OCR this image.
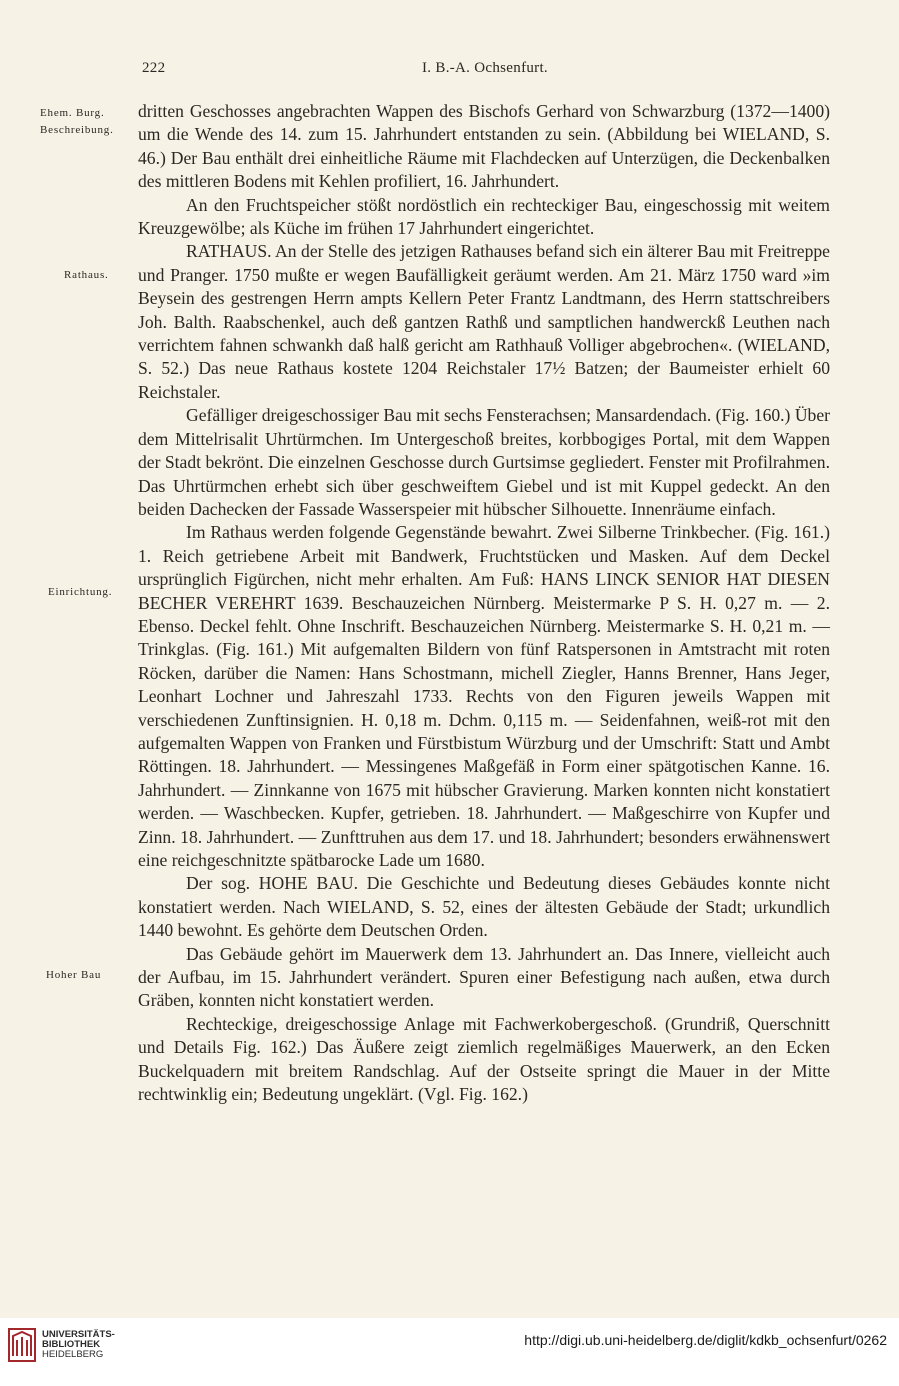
222	I. B.-A. Ochsenfurt.
Ehem. Burg.
Beschreibung.
Rathaus.
Einrichtung.
Hoher Bau

dritten Geschosses angebrachten Wappen des Bischofs Gerhard von Schwarzburg (1372—1400) um die Wende des 14. zum 15. Jahrhundert entstanden zu sein. (Abbildung bei WIELAND, S. 46.) Der Bau enthält drei einheitliche Räume mit Flachdecken auf Unterzügen, die Deckenbalken des mittleren Bodens mit Kehlen profiliert, 16. Jahrhundert.

An den Fruchtspeicher stößt nordöstlich ein rechteckiger Bau, eingeschossig mit weitem Kreuzgewölbe; als Küche im frühen 17 Jahrhundert eingerichtet.

RATHAUS. An der Stelle des jetzigen Rathauses befand sich ein älterer Bau mit Freitreppe und Pranger. 1750 mußte er wegen Baufälligkeit geräumt werden. Am 21. März 1750 ward »im Beysein des gestrengen Herrn ampts Kellern Peter Frantz Landtmann, des Herrn stattschreibers Joh. Balth. Raabschenkel, auch deß gantzen Rathß und samptlichen handwerckß Leuthen nach verrichtem fahnen schwankh daß halß gericht am Rathhauß Volliger abgebrochen«. (WIELAND, S. 52.) Das neue Rathaus kostete 1204 Reichstaler 17½ Batzen; der Baumeister erhielt 60 Reichstaler.

Gefälliger dreigeschossiger Bau mit sechs Fensterachsen; Mansardendach. (Fig. 160.) Über dem Mittelrisalit Uhrtürmchen. Im Untergeschoß breites, korbbogiges Portal, mit dem Wappen der Stadt bekrönt. Die einzelnen Geschosse durch Gurtsimse gegliedert. Fenster mit Profilrahmen. Das Uhrtürmchen erhebt sich über geschweiftem Giebel und ist mit Kuppel gedeckt. An den beiden Dachecken der Fassade Wasserspeier mit hübscher Silhouette. Innenräume einfach.

Im Rathaus werden folgende Gegenstände bewahrt. Zwei Silberne Trinkbecher. (Fig. 161.) 1. Reich getriebene Arbeit mit Bandwerk, Fruchtstücken und Masken. Auf dem Deckel ursprünglich Figürchen, nicht mehr erhalten. Am Fuß: HANS LINCK SENIOR HAT DIESEN BECHER VEREHRT 1639. Beschauzeichen Nürnberg. Meistermarke P S. H. 0,27 m. — 2. Ebenso. Deckel fehlt. Ohne Inschrift. Beschauzeichen Nürnberg. Meistermarke S. H. 0,21 m. — Trinkglas. (Fig. 161.) Mit aufgemalten Bildern von fünf Ratspersonen in Amtstracht mit roten Röcken, darüber die Namen: Hans Schostmann, michell Ziegler, Hanns Brenner, Hans Jeger, Leonhart Lochner und Jahreszahl 1733. Rechts von den Figuren jeweils Wappen mit verschiedenen Zunftinsignien. H. 0,18 m. Dchm. 0,115 m. — Seidenfahnen, weiß-rot mit den aufgemalten Wappen von Franken und Fürstbistum Würzburg und der Umschrift: Statt und Ambt Röttingen. 18. Jahrhundert. — Messingenes Maßgefäß in Form einer spätgotischen Kanne. 16. Jahrhundert. — Zinnkanne von 1675 mit hübscher Gravierung. Marken konnten nicht konstatiert werden. — Waschbecken. Kupfer, getrieben. 18. Jahrhundert. — Maßgeschirre von Kupfer und Zinn. 18. Jahrhundert. — Zunfttruhen aus dem 17. und 18. Jahrhundert; besonders erwähnenswert eine reichgeschnitzte spätbarocke Lade um 1680.

Der sog. HOHE BAU. Die Geschichte und Bedeutung dieses Gebäudes konnte nicht konstatiert werden. Nach WIELAND, S. 52, eines der ältesten Gebäude der Stadt; urkundlich 1440 bewohnt. Es gehörte dem Deutschen Orden.

Das Gebäude gehört im Mauerwerk dem 13. Jahrhundert an. Das Innere, vielleicht auch der Aufbau, im 15. Jahrhundert verändert. Spuren einer Befestigung nach außen, etwa durch Gräben, konnten nicht konstatiert werden.

Rechteckige, dreigeschossige Anlage mit Fachwerkobergeschoß. (Grundriß, Querschnitt und Details Fig. 162.) Das Äußere zeigt ziemlich regelmäßiges Mauerwerk, an den Ecken Buckelquadern mit breitem Randschlag. Auf der Ostseite springt die Mauer in der Mitte rechtwinklig ein; Bedeutung ungeklärt. (Vgl. Fig. 162.)

UNIVERSITÄTS-
BIBLIOTHEK
HEIDELBERG
http://digi.ub.uni-heidelberg.de/diglit/kdkb_ochsenfurt/0262
